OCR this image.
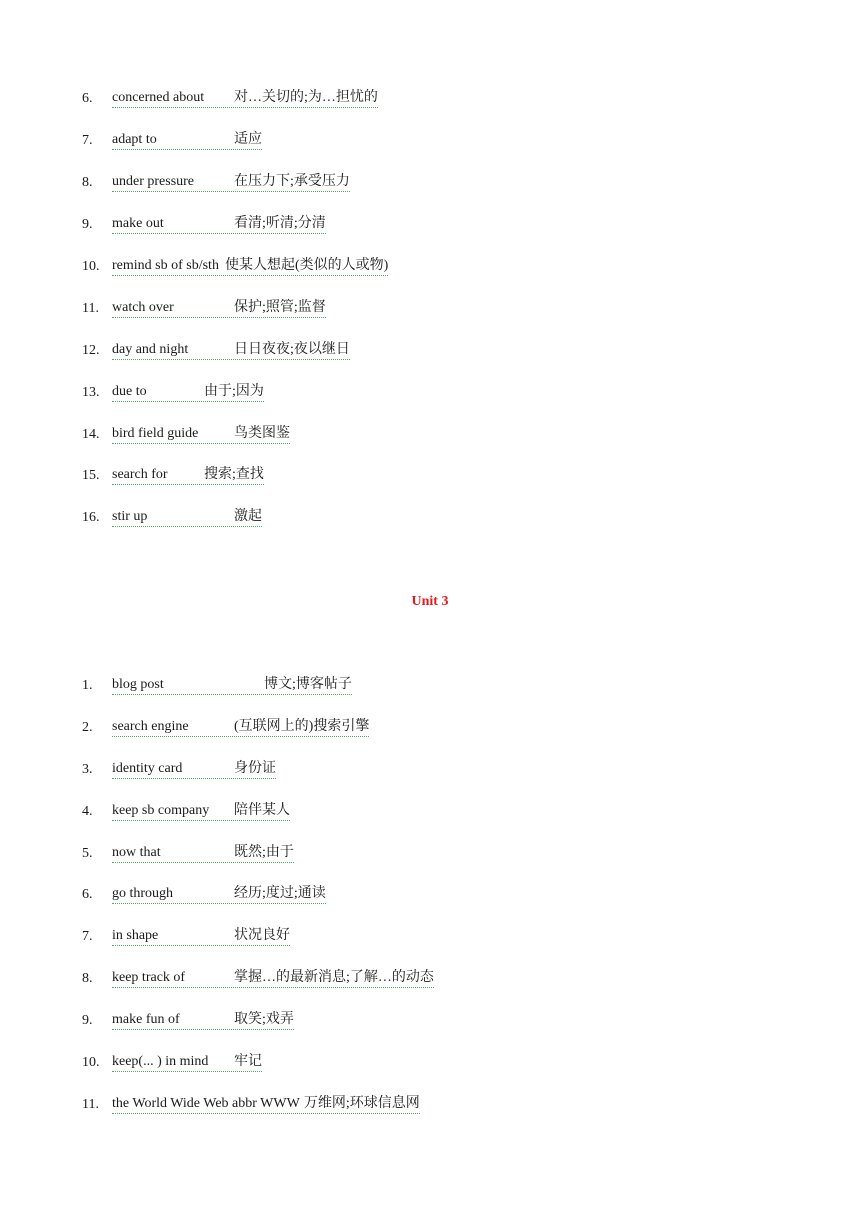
6. concerned about 对…关切的;为…担忧的
7. adapt to	适应
8. under pressure	在压力下;承受压力
9. make out	看清;听清;分清
10. remind sb of sb/sth 使某人想起(类似的人或物)
11. watch over	保护;照管;监督
12. day and night	日日夜夜;夜以继日
13. due to	由于;因为
14. bird field guide	鸟类图鉴
15. search for	搜索;查找
16. stir up	激起
Unit 3
1. blog post	博文;博客帖子
2. search engine	(互联网上的)搜索引擎
3. identity card	身份证
4. keep sb company 陪伴某人
5. now that	既然;由于
6. go through	经历;度过;通读
7. in shape	状况良好
8. keep track of	掌握…的最新消息;了解…的动态
9. make fun of	取笑;戏弄
10. keep(... ) in mind 牢记
11. the World Wide Web abbr WWW 万维网;环球信息网
